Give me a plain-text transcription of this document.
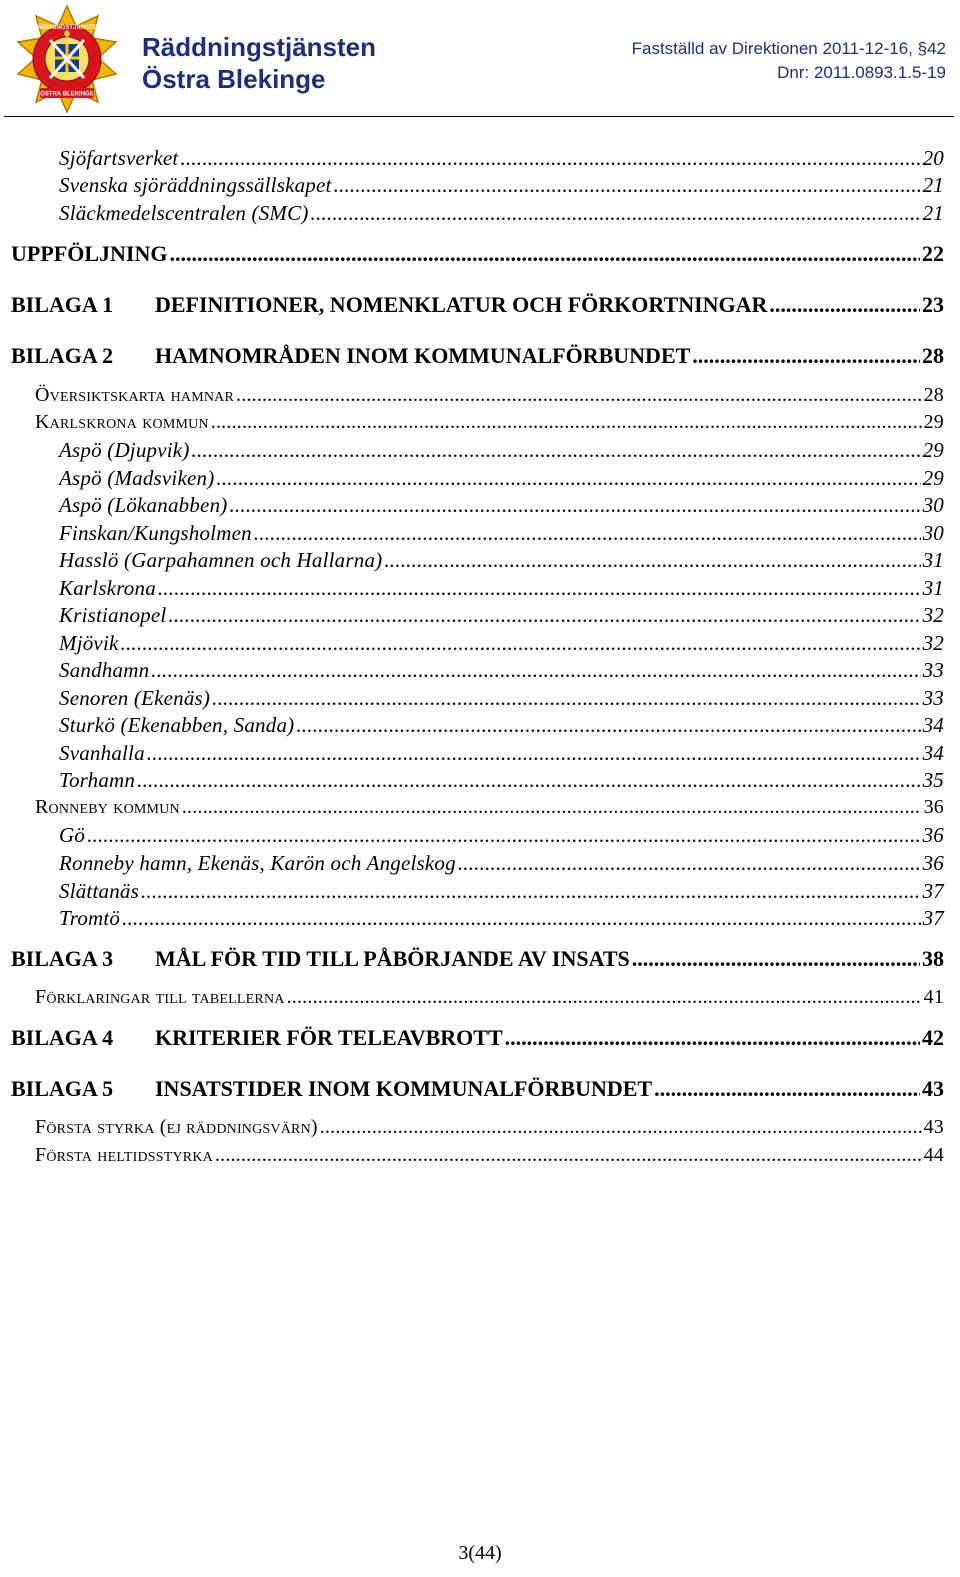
RÄDDNINGSTJÄNSTEN
ÖSTRA BLEKINGE
Räddningstjänsten
Östra Blekinge
Fastställd av Direktionen 2011-12-16, §42
Dnr: 2011.0893.1.5-19
Sjöfartsverket .....	20
Svenska sjöräddningssällskapet .....	21
Släckmedelscentralen (SMC) .....	21
UPPFÖLJNING .....	22
BILAGA 1 DEFINITIONER, NOMENKLATUR OCH FÖRKORTNINGAR .....	23
BILAGA 2 HAMNOMRÅDEN INOM KOMMUNALFÖRBUNDET .....	28
Översiktskarta hamnar .....	28
Karlskrona kommun .....	29
Aspö (Djupvik) .....	29
Aspö (Madsviken) .....	29
Aspö (Lökanabben) .....	30
Finskan/Kungsholmen .....	30
Hasslö (Garpahamnen och Hallarna) .....	31
Karlskrona .....	31
Kristianopel .....	32
Mjövik .....	32
Sandhamn .....	33
Senoren (Ekenäs) .....	33
Sturkö (Ekenabben, Sanda) .....	34
Svanhalla .....	34
Torhamn .....	35
Ronneby kommun .....	36
Gö .....	36
Ronneby hamn, Ekenäs, Karön och Angelskog .....	36
Slättanäs .....	37
Tromtö .....	37
BILAGA 3 MÅL FÖR TID TILL PÅBÖRJANDE AV INSATS .....	38
Förklaringar till tabellerna .....	41
BILAGA 4 KRITERIER FÖR TELEAVBROTT .....	42
BILAGA 5 INSATSTIDER INOM KOMMUNALFÖRBUNDET .....	43
Första styrka (ej räddningsvärn) .....	43
Första heltidsstyrka .....	44
3(44)
